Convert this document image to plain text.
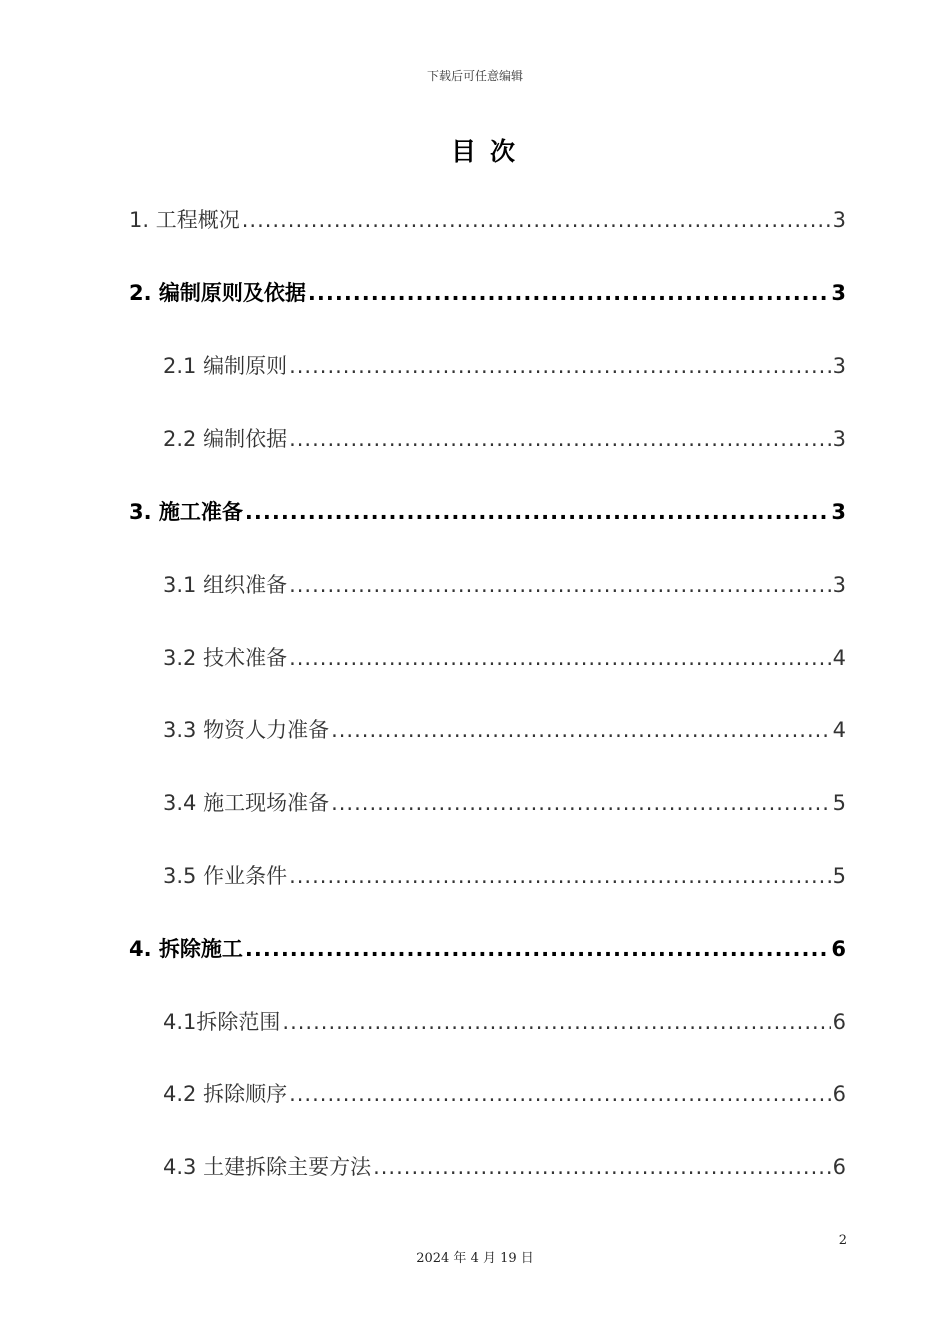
下载后可任意编辑
目次
1. 工程概况 .....	3
2. 编制原则及依据 .....	3
2.1 编制原则 .....	3
2.2 编制依据 .....	3
3. 施工准备 .....	3
3.1 组织准备 .....	3
3.2 技术准备 .....	4
3.3 物资人力准备 .....	4
3.4 施工现场准备 .....	5
3.5 作业条件 .....	5
4. 拆除施工 .....	6
4.1拆除范围 .....	6
4.2 拆除顺序 .....	6
4.3 土建拆除主要方法 .....	6
2
2024 年 4 月 19 日
